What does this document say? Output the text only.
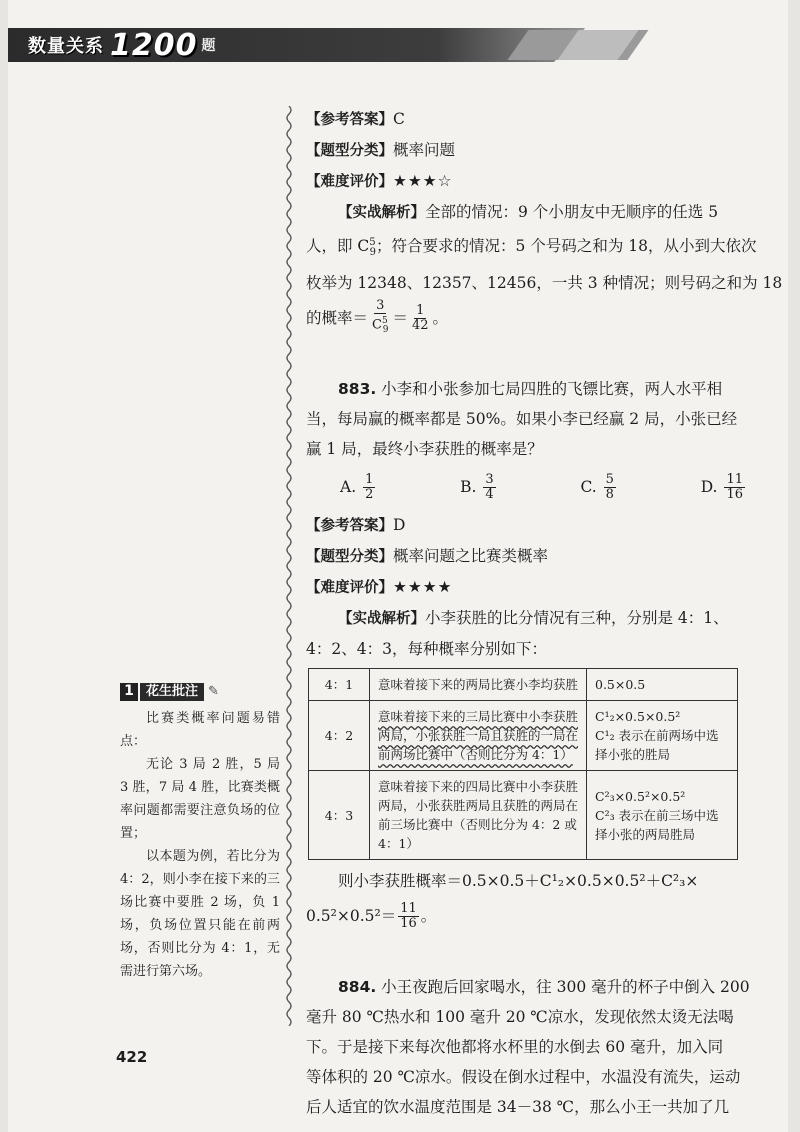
数量关系 1200 题
【参考答案】C
【题型分类】概率问题
【难度评价】★★★☆
【实战解析】全部的情况：9 个小朋友中无顺序的任选 5
人，即 $C^5_9$；符合要求的情况：5 个号码之和为 18，从小到大依次
枚举为 12348、12357、12456，一共 3 种情况；则号码之和为 18
的概率＝ $\frac{3}{C^5_9} = \frac{1}{42}$ 。
883. 小李和小张参加七局四胜的飞镖比赛，两人水平相
当，每局赢的概率都是 50%。如果小李已经赢 2 局，小张已经
赢 1 局，最终小李获胜的概率是？
A.
$\frac{1}{2}$	B.
$\frac{3}{4}$	C.
$\frac{5}{8}$	D.
$\frac{11}{16}$
【参考答案】D
【题型分类】概率问题之比赛类概率
【难度评价】★★★★
【实战解析】小李获胜的比分情况有三种，分别是 4：1、
4：2、4：3，每种概率分别如下：
4：1	意味着接下来的两局比赛小李均获胜	0.5×0.5

4：2	意味着接下来的三局比赛中小李获胜两局，小张获胜一局且获胜的一局在前两场比赛中（否则比分为 4：1）	C¹₂×0.5×0.5²
C¹₂ 表示在前两场中选择小张的胜局

4：3	意味着接下来的四局比赛中小李获胜两局，小张获胜两局且获胜的两局在前三场比赛中（否则比分为 4：2 或 4：1）	C²₃×0.5²×0.5²
C²₃ 表示在前三场中选择小张的两局胜局
则小李获胜概率＝0.5×0.5＋C¹₂×0.5×0.5²＋C²₃×
$0.5^2\times 0.5^2= \frac{11}{16}$ 。
884. 小王夜跑后回家喝水，往 300 毫升的杯子中倒入 200
毫升 80 ℃热水和 100 毫升 20 ℃凉水，发现依然太烫无法喝
下。于是接下来每次他都将水杯里的水倒去 60 毫升，加入同
等体积的 20 ℃凉水。假设在倒水过程中，水温没有流失，运动
后人适宜的饮水温度范围是 34－38 ℃，那么小王一共加了几
1 花生批注 ✎
比赛类概率问题易错点：
无论 3 局 2 胜，5 局 3 胜，7 局 4 胜，比赛类概率问题都需要注意负场的位置；
以本题为例，若比分为 4：2，则小李在接下来的三场比赛中要胜 2 场，负 1 场，负场位置只能在前两场，否则比分为 4：1，无需进行第六场。
422
